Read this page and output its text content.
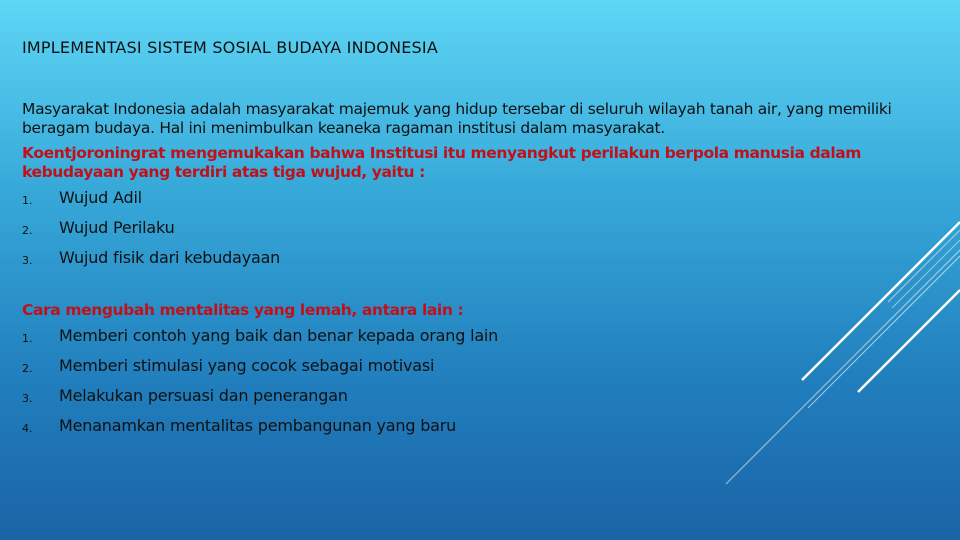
IMPLEMENTASI SISTEM SOSIAL BUDAYA INDONESIA

Masyarakat Indonesia adalah masyarakat majemuk yang hidup tersebar di seluruh wilayah tanah air, yang memiliki beragam budaya. Hal ini menimbulkan keaneka ragaman institusi dalam masyarakat.

Koentjoroningrat mengemukakan bahwa Institusi itu menyangkut perilakun berpola manusia dalam kebudayaan yang terdiri atas tiga wujud, yaitu :

1.	Wujud Adil
2.	Wujud Perilaku
3.	Wujud fisik dari kebudayaan

Cara mengubah mentalitas yang lemah, antara lain :

1.	Memberi contoh yang baik dan benar kepada orang lain
2.	Memberi stimulasi yang cocok sebagai motivasi
3.	Melakukan persuasi dan penerangan
4.	Menanamkan mentalitas pembangunan yang baru
